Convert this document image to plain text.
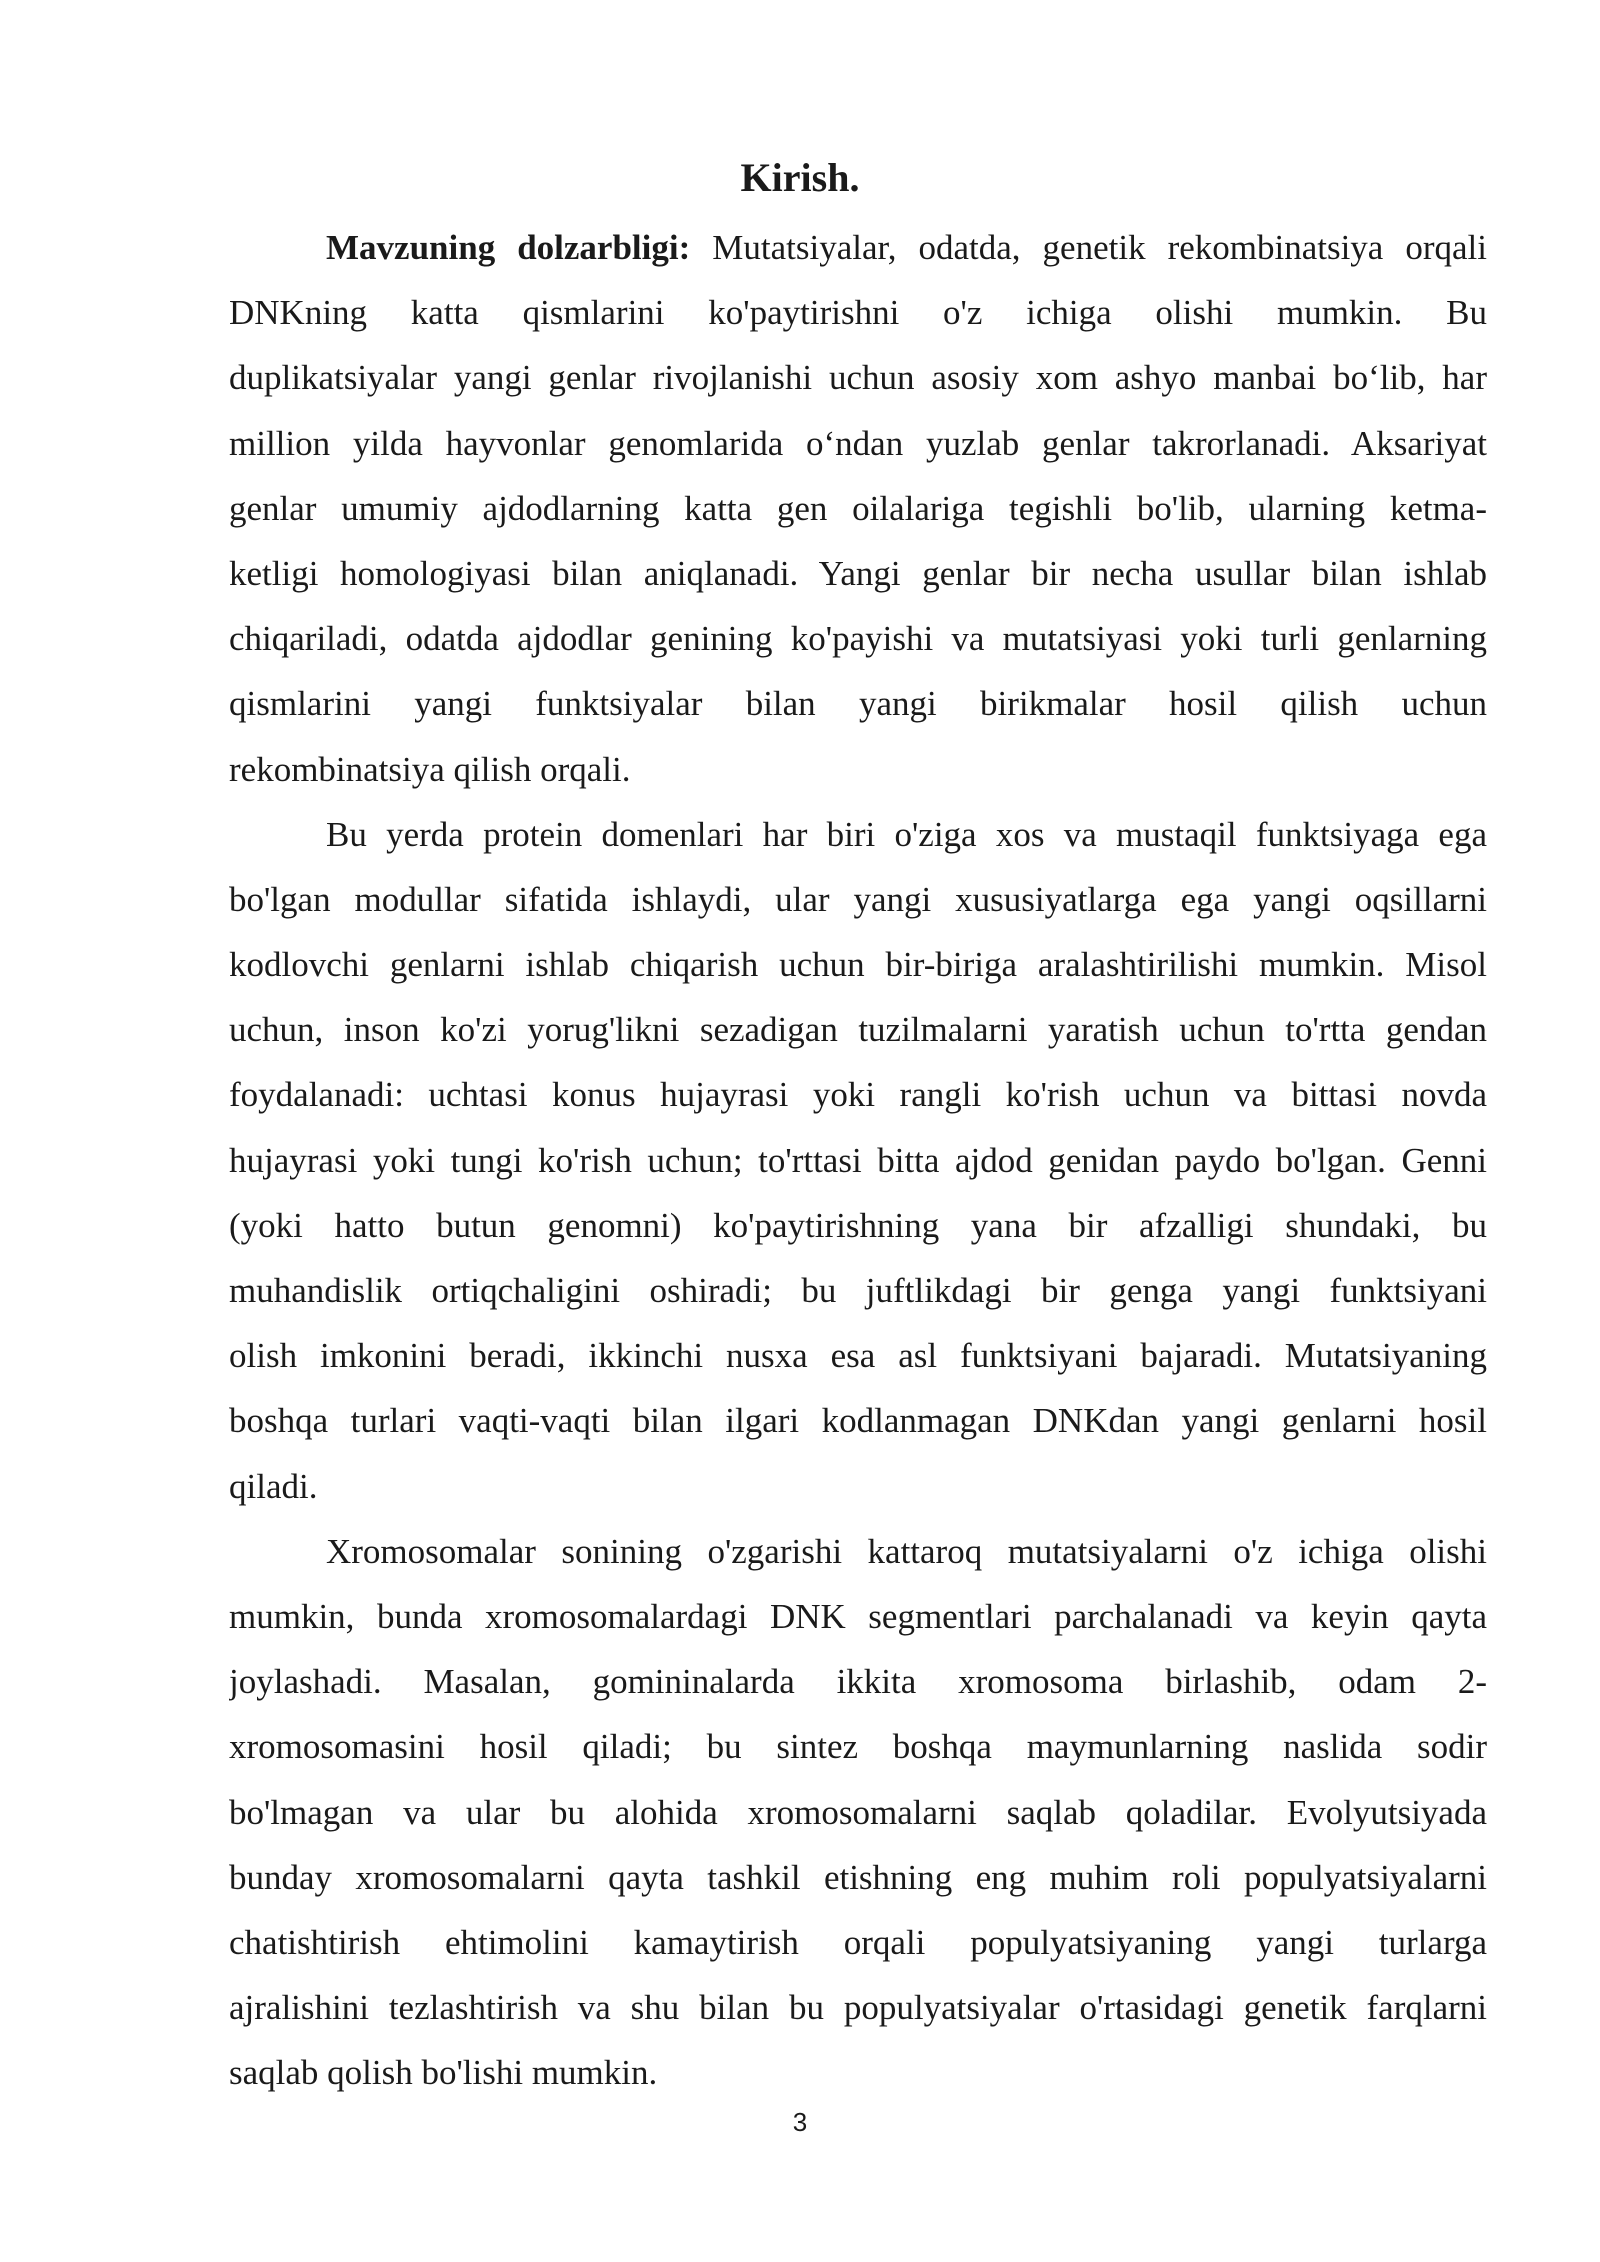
Kirish.
Mavzuning dolzarbligi: Mutatsiyalar, odatda, genetik rekombinatsiya orqali
DNKning katta qismlarini ko'paytirishni o'z ichiga olishi mumkin. Bu
duplikatsiyalar yangi genlar rivojlanishi uchun asosiy xom ashyo manbai bo‘lib, har
million yilda hayvonlar genomlarida o‘ndan yuzlab genlar takrorlanadi. Aksariyat
genlar umumiy ajdodlarning katta gen oilalariga tegishli bo'lib, ularning ketma-
ketligi homologiyasi bilan aniqlanadi. Yangi genlar bir necha usullar bilan ishlab
chiqariladi, odatda ajdodlar genining ko'payishi va mutatsiyasi yoki turli genlarning
qismlarini yangi funktsiyalar bilan yangi birikmalar hosil qilish uchun
rekombinatsiya qilish orqali.
Bu yerda protein domenlari har biri o'ziga xos va mustaqil funktsiyaga ega
bo'lgan modullar sifatida ishlaydi, ular yangi xususiyatlarga ega yangi oqsillarni
kodlovchi genlarni ishlab chiqarish uchun bir-biriga aralashtirilishi mumkin. Misol
uchun, inson ko'zi yorug'likni sezadigan tuzilmalarni yaratish uchun to'rtta gendan
foydalanadi: uchtasi konus hujayrasi yoki rangli ko'rish uchun va bittasi novda
hujayrasi yoki tungi ko'rish uchun; to'rttasi bitta ajdod genidan paydo bo'lgan. Genni
(yoki hatto butun genomni) ko'paytirishning yana bir afzalligi shundaki, bu
muhandislik ortiqchaligini oshiradi; bu juftlikdagi bir genga yangi funktsiyani
olish imkonini beradi, ikkinchi nusxa esa asl funktsiyani bajaradi. Mutatsiyaning
boshqa turlari vaqti-vaqti bilan ilgari kodlanmagan DNKdan yangi genlarni hosil
qiladi.
Xromosomalar sonining o'zgarishi kattaroq mutatsiyalarni o'z ichiga olishi
mumkin, bunda xromosomalardagi DNK segmentlari parchalanadi va keyin qayta
joylashadi. Masalan, gomininalarda ikkita xromosoma birlashib, odam 2-
xromosomasini hosil qiladi; bu sintez boshqa maymunlarning naslida sodir
bo'lmagan va ular bu alohida xromosomalarni saqlab qoladilar. Evolyutsiyada
bunday xromosomalarni qayta tashkil etishning eng muhim roli populyatsiyalarni
chatishtirish ehtimolini kamaytirish orqali populyatsiyaning yangi turlarga
ajralishini tezlashtirish va shu bilan bu populyatsiyalar o'rtasidagi genetik farqlarni
saqlab qolish bo'lishi mumkin.
3
